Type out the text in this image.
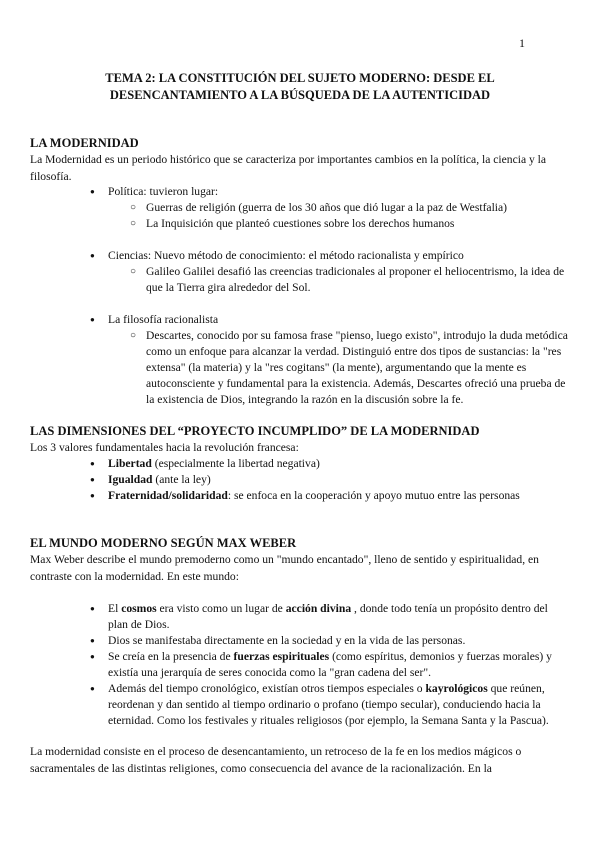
1
TEMA 2: LA CONSTITUCIÓN DEL SUJETO MODERNO: DESDE EL
DESENCANTAMIENTO A LA BÚSQUEDA DE LA AUTENTICIDAD
LA MODERNIDAD
La Modernidad es un periodo histórico que se caracteriza por importantes cambios en la política, la ciencia y la filosofía.
● Política: tuvieron lugar:
○ Guerras de religión (guerra de los 30 años que dió lugar a la paz de Westfalia)
○ La Inquisición que planteó cuestiones sobre los derechos humanos
● Ciencias: Nuevo método de conocimiento: el método racionalista y empírico
○ Galileo Galilei desafió las creencias tradicionales al proponer el heliocentrismo, la idea de que la Tierra gira alrededor del Sol.
● La filosofía racionalista
○ Descartes, conocido por su famosa frase "pienso, luego existo", introdujo la duda metódica como un enfoque para alcanzar la verdad. Distinguió entre dos tipos de sustancias: la "res extensa" (la materia) y la "res cogitans" (la mente), argumentando que la mente es autoconsciente y fundamental para la existencia. Además, Descartes ofreció una prueba de la existencia de Dios, integrando la razón en la discusión sobre la fe.
LAS DIMENSIONES DEL “PROYECTO INCUMPLIDO” DE LA MODERNIDAD
Los 3 valores fundamentales hacia la revolución francesa:
● Libertad (especialmente la libertad negativa)
● Igualdad (ante la ley)
● Fraternidad/solidaridad: se enfoca en la cooperación y apoyo mutuo entre las personas
EL MUNDO MODERNO SEGÚN MAX WEBER
Max Weber describe el mundo premoderno como un "mundo encantado", lleno de sentido y espiritualidad, en contraste con la modernidad. En este mundo:
● El cosmos era visto como un lugar de acción divina , donde todo tenía un propósito dentro del plan de Dios.
● Dios se manifestaba directamente en la sociedad y en la vida de las personas.
● Se creía en la presencia de fuerzas espirituales (como espíritus, demonios y fuerzas morales) y existía una jerarquía de seres conocida como la "gran cadena del ser".
● Además del tiempo cronológico, existían otros tiempos especiales o kayrológicos que reúnen, reordenan y dan sentido al tiempo ordinario o profano (tiempo secular), conduciendo hacia la eternidad. Como los festivales y rituales religiosos (por ejemplo, la Semana Santa y la Pascua).
La modernidad consiste en el proceso de desencantamiento, un retroceso de la fe en los medios mágicos o sacramentales de las distintas religiones, como consecuencia del avance de la racionalización. En la
